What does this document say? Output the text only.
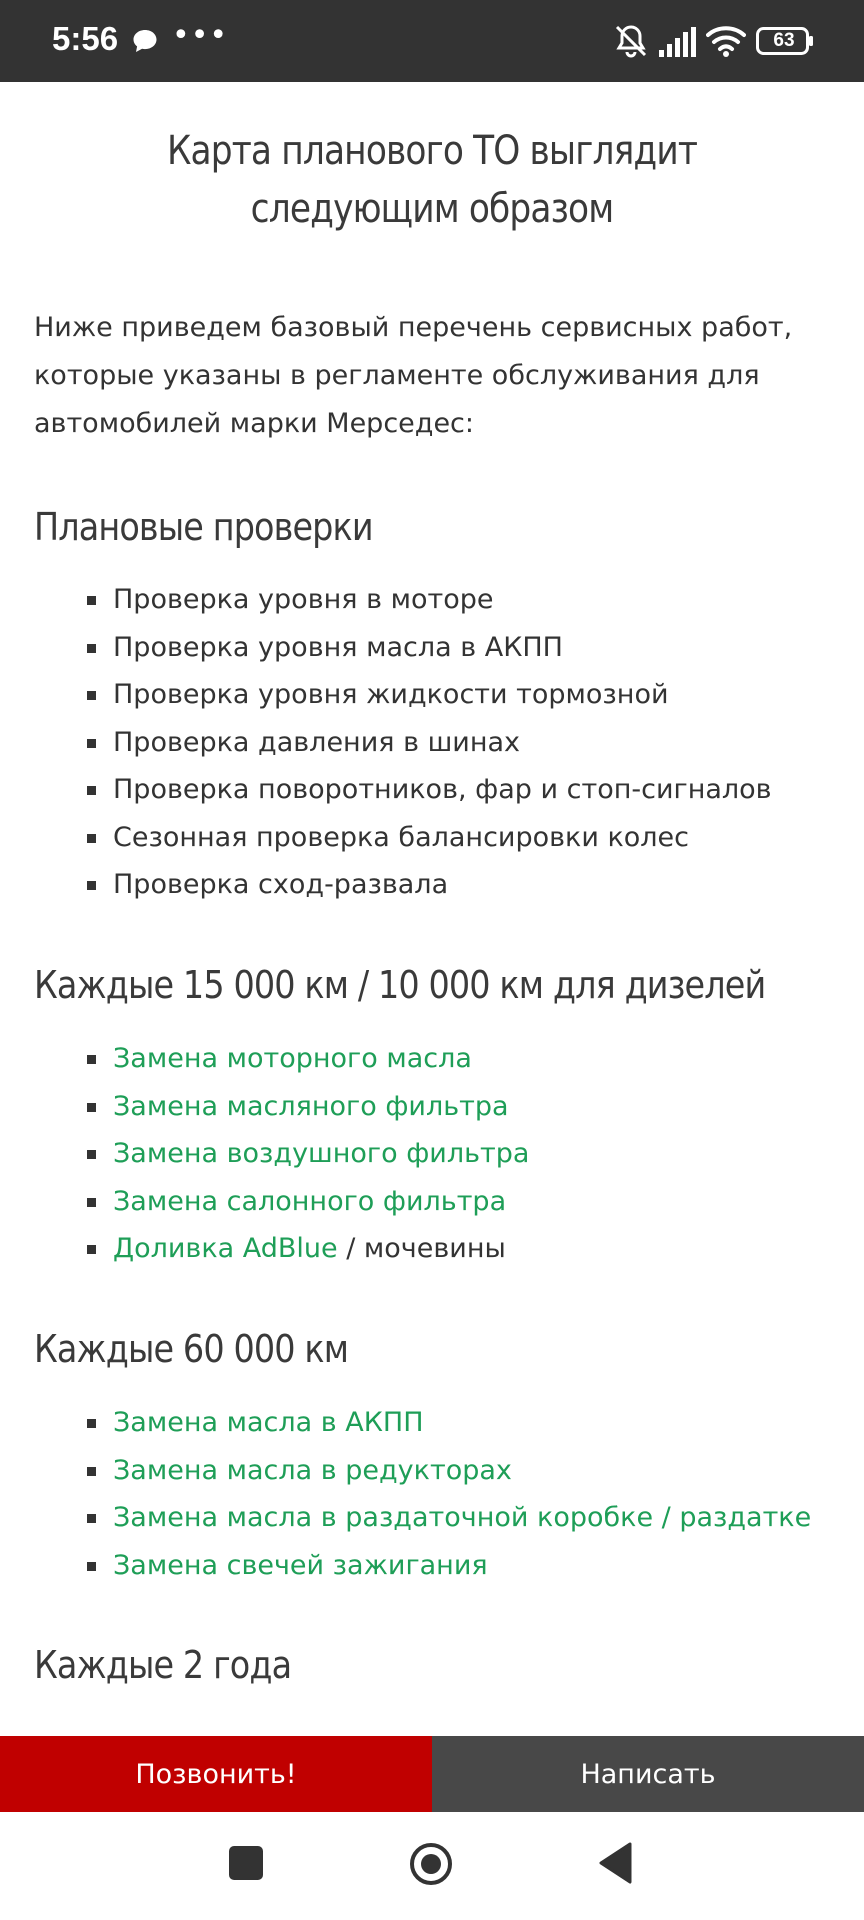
5:56 •••	63
Карта планового ТО выглядит следующим образом

Ниже приведем базовый перечень сервисных работ, которые указаны в регламенте обслуживания для автомобилей марки Мерседес:

Плановые проверки
Проверка уровня в моторе
Проверка уровня масла в АКПП
Проверка уровня жидкости тормозной
Проверка давления в шинах
Проверка поворотников, фар и стоп-сигналов
Сезонная проверка балансировки колес
Проверка сход-развала
Каждые 15 000 км / 10 000 км для дизелей
Замена моторного масла
Замена масляного фильтра
Замена воздушного фильтра
Замена салонного фильтра
Доливка AdBlue / мочевины
Каждые 60 000 км
Замена масла в АКПП
Замена масла в редукторах
Замена масла в раздаточной коробке / раздатке
Замена свечей зажигания
Каждые 2 года
Позвонить!	Написать
